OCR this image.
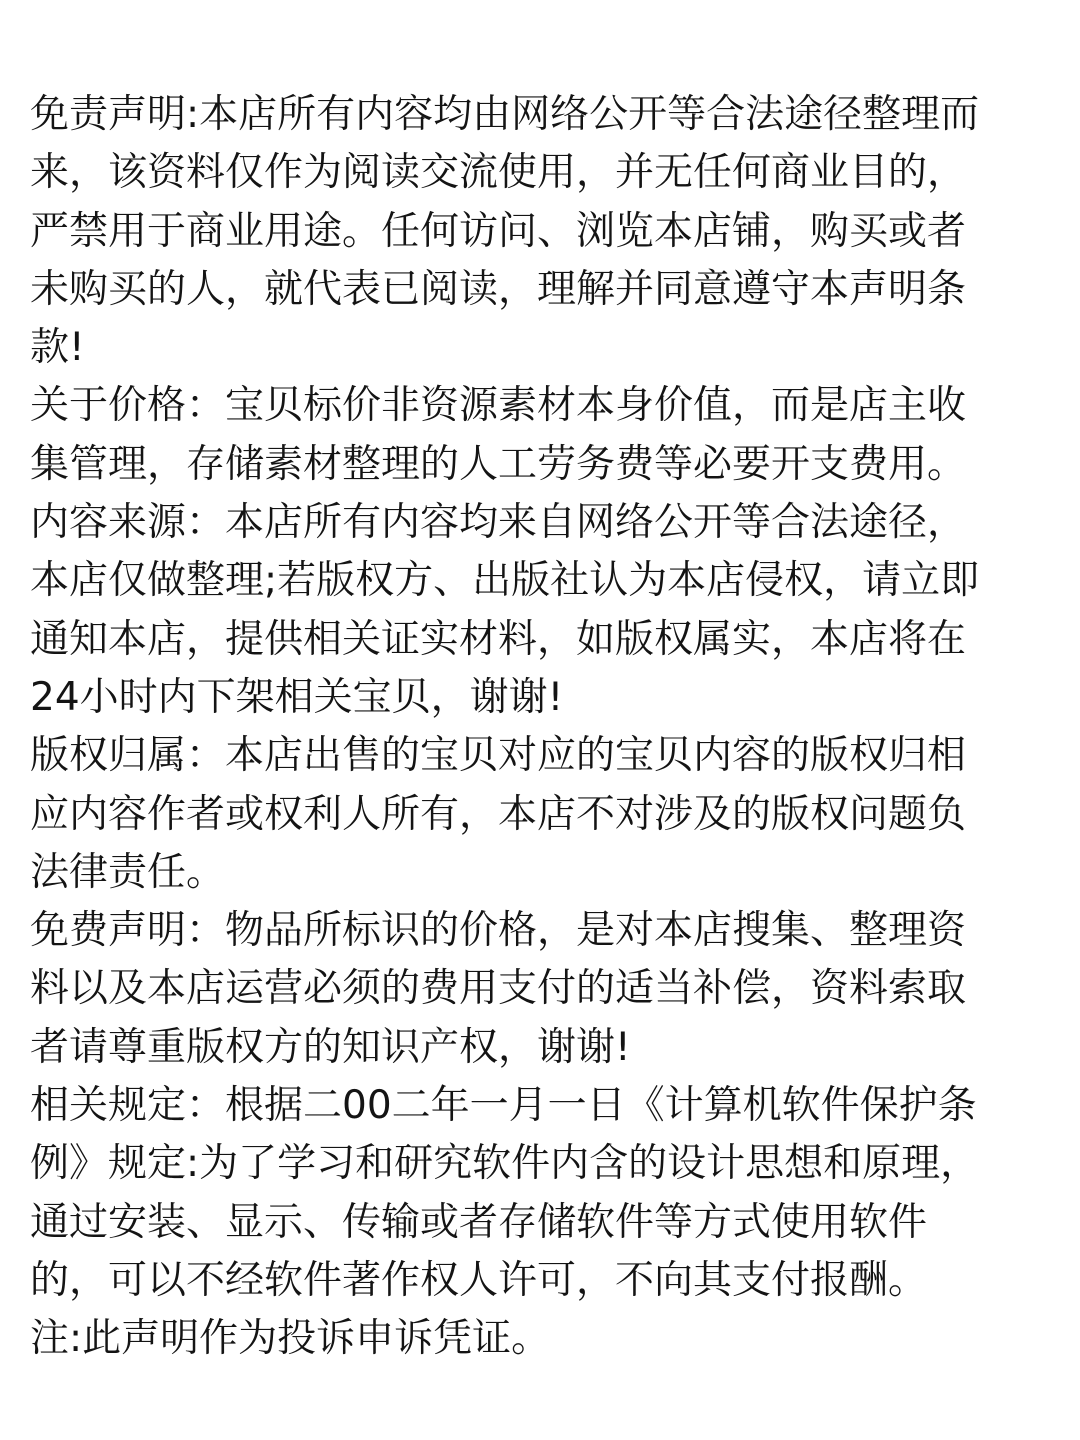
免责声明:本店所有内容均由网络公开等合法途径整理而
来，该资料仅作为阅读交流使用，并无任何商业目的，
严禁用于商业用途。任何访问、浏览本店铺，购买或者
未购买的人，就代表已阅读，理解并同意遵守本声明条
款!
关于价格：宝贝标价非资源素材本身价值，而是店主收
集管理，存储素材整理的人工劳务费等必要开支费用。
内容来源：本店所有内容均来自网络公开等合法途径，
本店仅做整理;若版权方、出版社认为本店侵权，请立即
通知本店，提供相关证实材料，如版权属实，本店将在
24小时内下架相关宝贝，谢谢!
版权归属：本店出售的宝贝对应的宝贝内容的版权归相
应内容作者或权利人所有，本店不对涉及的版权问题负
法律责任。
免费声明：物品所标识的价格，是对本店搜集、整理资
料以及本店运营必须的费用支付的适当补偿，资料索取
者请尊重版权方的知识产权，谢谢!
相关规定：根据二00二年一月一日《计算机软件保护条
例》规定:为了学习和研究软件内含的设计思想和原理，
通过安装、显示、传输或者存储软件等方式使用软件
的，可以不经软件著作权人许可，不向其支付报酬。
注:此声明作为投诉申诉凭证。
